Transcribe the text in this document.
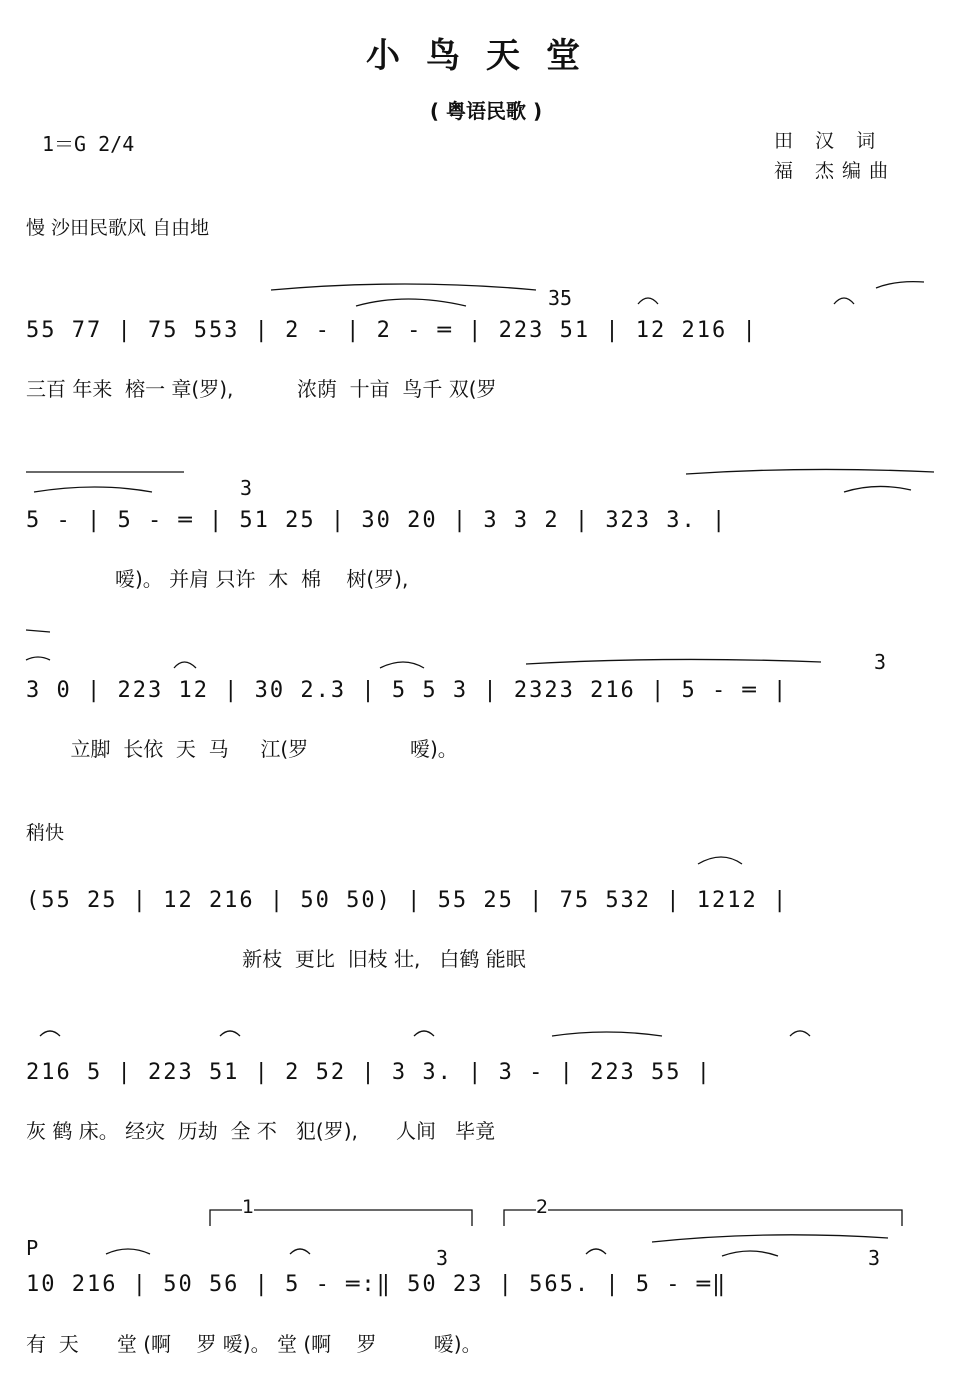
小鸟天堂
( 粤语民歌 )
1＝G 2/4	田 汉 词
福 杰编曲
慢 沙田民歌风 自由地
稍快
35
55 77 | 75 553 | 2 - | 2 - ═ | 223 51 | 12 216 |
三百 年来  榕一 章(罗),          浓荫  十亩  鸟千 双(罗
3
5 - | 5 - ═ | 51 25 | 30 20 | 3 3 2 | 323 3. |
嗳)。 并肩 只许  木  棉    树(罗),
3
3 0 | 223 12 | 30 2.3 | 5 5 3 | 2323 216 | 5 - ═ |
立脚  长依  天  马     江(罗                嗳)。
(55 25 | 12 216 | 50 50) | 55 25 | 75 532 | 1212 |
新枝  更比  旧枝 壮,   白鹤 能眠
216 5 | 223 51 | 2 52 | 3 3. | 3 - | 223 55 |
灰 鹤 床。 经灾  历劫  全 不   犯(罗),      人间   毕竟
1	2
P	3	3
10 216 | 50 56 | 5 - ═:‖ 50 23 | 565. | 5 - ═‖
有  天      堂 (啊    罗 嗳)。 堂 (啊    罗         嗳)。
